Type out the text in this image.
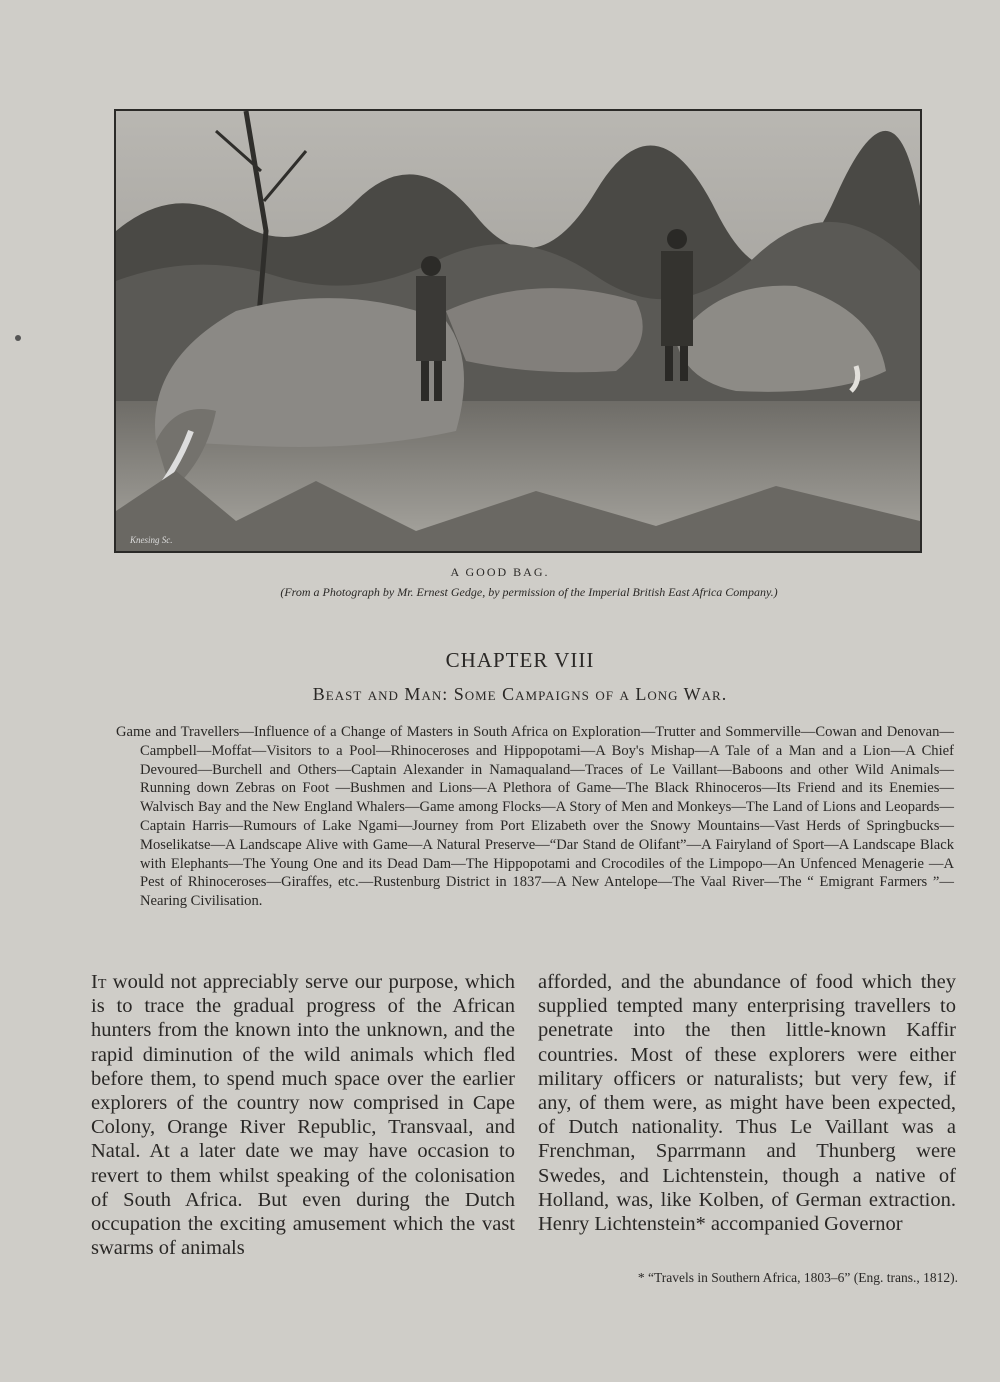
Knesing Sc.
A GOOD BAG.
(From a Photograph by Mr. Ernest Gedge, by permission of the Imperial British East Africa Company.)
CHAPTER VIII
Beast and Man: Some Campaigns of a Long War.
Game and Travellers—Influence of a Change of Masters in South Africa on Exploration—Trutter and Sommerville—Cowan and Denovan—Campbell—Moffat—Visitors to a Pool—Rhinoceroses and Hippopotami—A Boy's Mishap—A Tale of a Man and a Lion—A Chief Devoured—Burchell and Others—Captain Alexander in Namaqualand—Traces of Le Vaillant—Baboons and other Wild Animals—Running down Zebras on Foot —Bushmen and Lions—A Plethora of Game—The Black Rhinoceros—Its Friend and its Enemies—Walvisch Bay and the New England Whalers—Game among Flocks—A Story of Men and Monkeys—The Land of Lions and Leopards—Captain Harris—Rumours of Lake Ngami—Journey from Port Elizabeth over the Snowy Mountains—Vast Herds of Springbucks—Moselikatse—A Landscape Alive with Game—A Natural Preserve—“Dar Stand de Olifant”—A Fairyland of Sport—A Landscape Black with Elephants—The Young One and its Dead Dam—The Hippopotami and Crocodiles of the Limpopo—An Unfenced Menagerie —A Pest of Rhinoceroses—Giraffes, etc.—Rustenburg District in 1837—A New Antelope—The Vaal River—The “ Emigrant Farmers ”—Nearing Civilisation.

It would not appreciably serve our purpose, which is to trace the gradual progress of the African hunters from the known into the unknown, and the rapid diminution of the wild animals which fled before them, to spend much space over the earlier explorers of the country now comprised in Cape Colony, Orange River Republic, Transvaal, and Natal. At a later date we may have occasion to revert to them whilst speaking of the colonisation of South Africa. But even during the Dutch occupation the exciting amusement which the vast swarms of animals

afforded, and the abundance of food which they supplied tempted many enterprising travellers to penetrate into the then little-known Kaffir countries. Most of these explorers were either military officers or naturalists; but very few, if any, of them were, as might have been expected, of Dutch nationality. Thus Le Vaillant was a Frenchman, Sparrmann and Thunberg were Swedes, and Lichtenstein, though a native of Holland, was, like Kolben, of German extraction. Henry Lichtenstein* accompanied Governor

* “Travels in Southern Africa, 1803–6” (Eng. trans., 1812).
